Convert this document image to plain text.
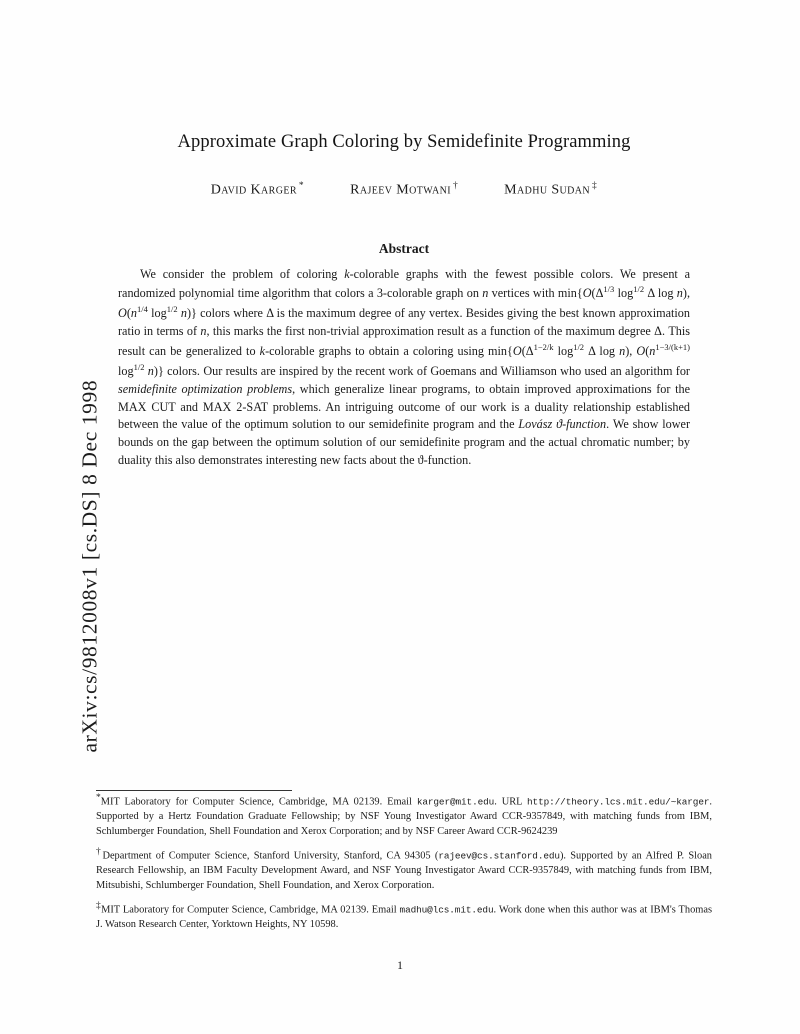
arXiv:cs/9812008v1 [cs.DS] 8 Dec 1998
Approximate Graph Coloring by Semidefinite Programming
David Karger *	Rajeev Motwani †	Madhu Sudan ‡
Abstract
We consider the problem of coloring k-colorable graphs with the fewest possible colors. We present a randomized polynomial time algorithm that colors a 3-colorable graph on n vertices with $\min\{O(\Delta^{1/3}$ $\log^{1/2} \Delta$ log n), $O(n^{1/4}$ $\log^{1/2} n$)} colors where Δ is the maximum degree of any vertex. Besides giving the best known approximation ratio in terms of n, this marks the first non-trivial approximation result as a function of the maximum degree Δ. This result can be generalized to k-colorable graphs to obtain a coloring using $\min\{O(\Delta^{1-2/k}$ $\log^{1/2} \Delta$ log n), $O(n^{1-3/(k+1)}$ $\log^{1/2} n$)} colors. Our results are inspired by the recent work of Goemans and Williamson who used an algorithm for semidefinite optimization problems, which generalize linear programs, to obtain improved approximations for the MAX CUT and MAX 2-SAT problems. An intriguing outcome of our work is a duality relationship established between the value of the optimum solution to our semidefinite program and the Lovász ϑ-function. We show lower bounds on the gap between the optimum solution of our semidefinite program and the actual chromatic number; by duality this also demonstrates interesting new facts about the ϑ-function.

*MIT Laboratory for Computer Science, Cambridge, MA 02139. Email karger@mit.edu. URL http://theory.lcs.mit.edu/~karger. Supported by a Hertz Foundation Graduate Fellowship; by NSF Young Investigator Award CCR-9357849, with matching funds from IBM, Schlumberger Foundation, Shell Foundation and Xerox Corporation; and by NSF Career Award CCR-9624239

†Department of Computer Science, Stanford University, Stanford, CA 94305 (rajeev@cs.stanford.edu). Supported by an Alfred P. Sloan Research Fellowship, an IBM Faculty Development Award, and NSF Young Investigator Award CCR-9357849, with matching funds from IBM, Mitsubishi, Schlumberger Foundation, Shell Foundation, and Xerox Corporation.

‡MIT Laboratory for Computer Science, Cambridge, MA 02139. Email madhu@lcs.mit.edu. Work done when this author was at IBM's Thomas J. Watson Research Center, Yorktown Heights, NY 10598.

1
